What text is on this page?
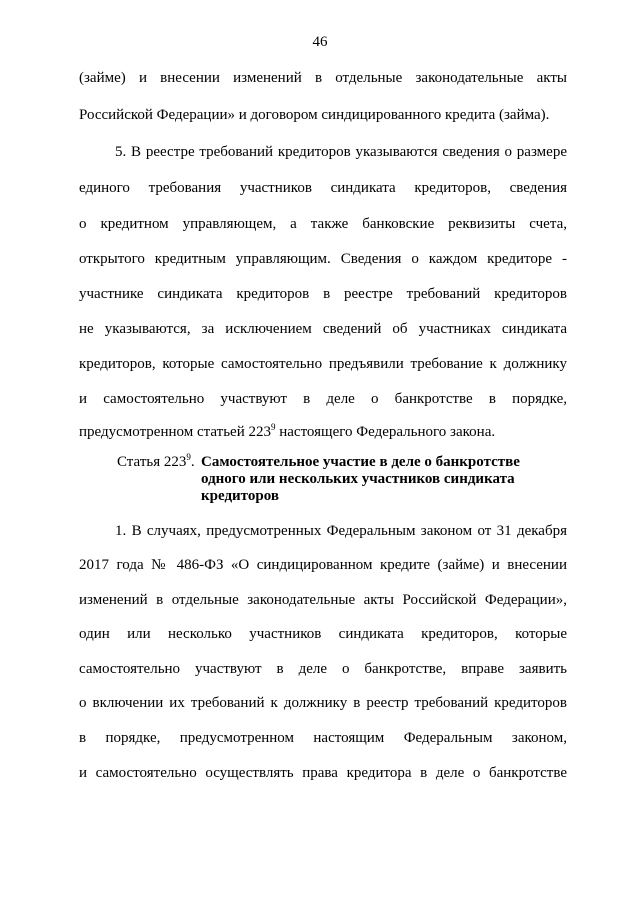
46
(займе) и внесении изменений в отдельные законодательные акты
Российской Федерации» и договором синдицированного кредита (займа).
5. В реестре требований кредиторов указываются сведения о размере
единого требования участников синдиката кредиторов, сведения
о кредитном управляющем, а также банковские реквизиты счета,
открытого кредитным управляющим. Сведения о каждом кредиторе -
участнике синдиката кредиторов в реестре требований кредиторов
не указываются, за исключением сведений об участниках синдиката
кредиторов, которые самостоятельно предъявили требование к должнику
и самостоятельно участвуют в деле о банкротстве в порядке,
предусмотренном статьей $223^9$ настоящего Федерального закона.
Статья $223^9$. Самостоятельное участие в деле о банкротстве одного или нескольких участников синдиката кредиторов
1. В случаях, предусмотренных Федеральным законом от 31 декабря
2017 года № 486-ФЗ «О синдицированном кредите (займе) и внесении
изменений в отдельные законодательные акты Российской Федерации»,
один или несколько участников синдиката кредиторов, которые
самостоятельно участвуют в деле о банкротстве, вправе заявить
о включении их требований к должнику в реестр требований кредиторов
в порядке, предусмотренном настоящим Федеральным законом,
и самостоятельно осуществлять права кредитора в деле о банкротстве
